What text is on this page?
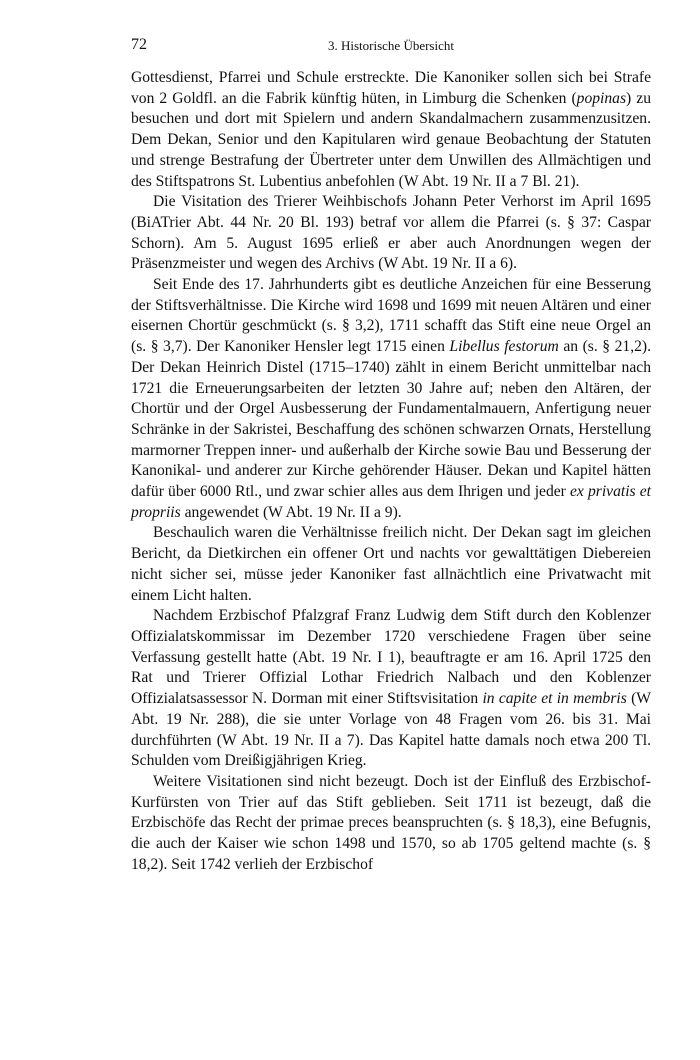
72	3. Historische Übersicht

Gottesdienst, Pfarrei und Schule erstreckte. Die Kanoniker sollen sich bei Strafe von 2 Goldfl. an die Fabrik künftig hüten, in Limburg die Schenken (popinas) zu besuchen und dort mit Spielern und andern Skandalmachern zusammenzusitzen. Dem Dekan, Senior und den Kapitularen wird genaue Beobachtung der Statuten und strenge Bestrafung der Übertreter unter dem Unwillen des Allmächtigen und des Stiftspatrons St. Lubentius anbefohlen (W Abt. 19 Nr. II a 7 Bl. 21).

Die Visitation des Trierer Weihbischofs Johann Peter Verhorst im April 1695 (BiATrier Abt. 44 Nr. 20 Bl. 193) betraf vor allem die Pfarrei (s. § 37: Caspar Schorn). Am 5. August 1695 erließ er aber auch Anordnungen wegen der Präsenzmeister und wegen des Archivs (W Abt. 19 Nr. II a 6).

Seit Ende des 17. Jahrhunderts gibt es deutliche Anzeichen für eine Besserung der Stiftsverhältnisse. Die Kirche wird 1698 und 1699 mit neuen Altären und einer eisernen Chortür geschmückt (s. § 3,2), 1711 schafft das Stift eine neue Orgel an (s. § 3,7). Der Kanoniker Hensler legt 1715 einen Libellus festorum an (s. § 21,2). Der Dekan Heinrich Distel (1715–1740) zählt in einem Bericht unmittelbar nach 1721 die Erneuerungsarbeiten der letzten 30 Jahre auf; neben den Altären, der Chortür und der Orgel Ausbesserung der Fundamentalmauern, Anfertigung neuer Schränke in der Sakristei, Beschaffung des schönen schwarzen Ornats, Herstellung marmorner Treppen inner- und außerhalb der Kirche sowie Bau und Besserung der Kanonikal- und anderer zur Kirche gehörender Häuser. Dekan und Kapitel hätten dafür über 6000 Rtl., und zwar schier alles aus dem Ihrigen und jeder ex privatis et propriis angewendet (W Abt. 19 Nr. II a 9).

Beschaulich waren die Verhältnisse freilich nicht. Der Dekan sagt im gleichen Bericht, da Dietkirchen ein offener Ort und nachts vor gewalttätigen Diebereien nicht sicher sei, müsse jeder Kanoniker fast allnächtlich eine Privatwacht mit einem Licht halten.

Nachdem Erzbischof Pfalzgraf Franz Ludwig dem Stift durch den Koblenzer Offizialatskommissar im Dezember 1720 verschiedene Fragen über seine Verfassung gestellt hatte (Abt. 19 Nr. I 1), beauftragte er am 16. April 1725 den Rat und Trierer Offizial Lothar Friedrich Nalbach und den Koblenzer Offizialatsassessor N. Dorman mit einer Stiftsvisitation in capite et in membris (W Abt. 19 Nr. 288), die sie unter Vorlage von 48 Fragen vom 26. bis 31. Mai durchführten (W Abt. 19 Nr. II a 7). Das Kapitel hatte damals noch etwa 200 Tl. Schulden vom Dreißigjährigen Krieg.

Weitere Visitationen sind nicht bezeugt. Doch ist der Einfluß des Erzbischof-Kurfürsten von Trier auf das Stift geblieben. Seit 1711 ist bezeugt, daß die Erzbischöfe das Recht der primae preces beanspruchten (s. § 18,3), eine Befugnis, die auch der Kaiser wie schon 1498 und 1570, so ab 1705 geltend machte (s. § 18,2). Seit 1742 verlieh der Erzbischof
